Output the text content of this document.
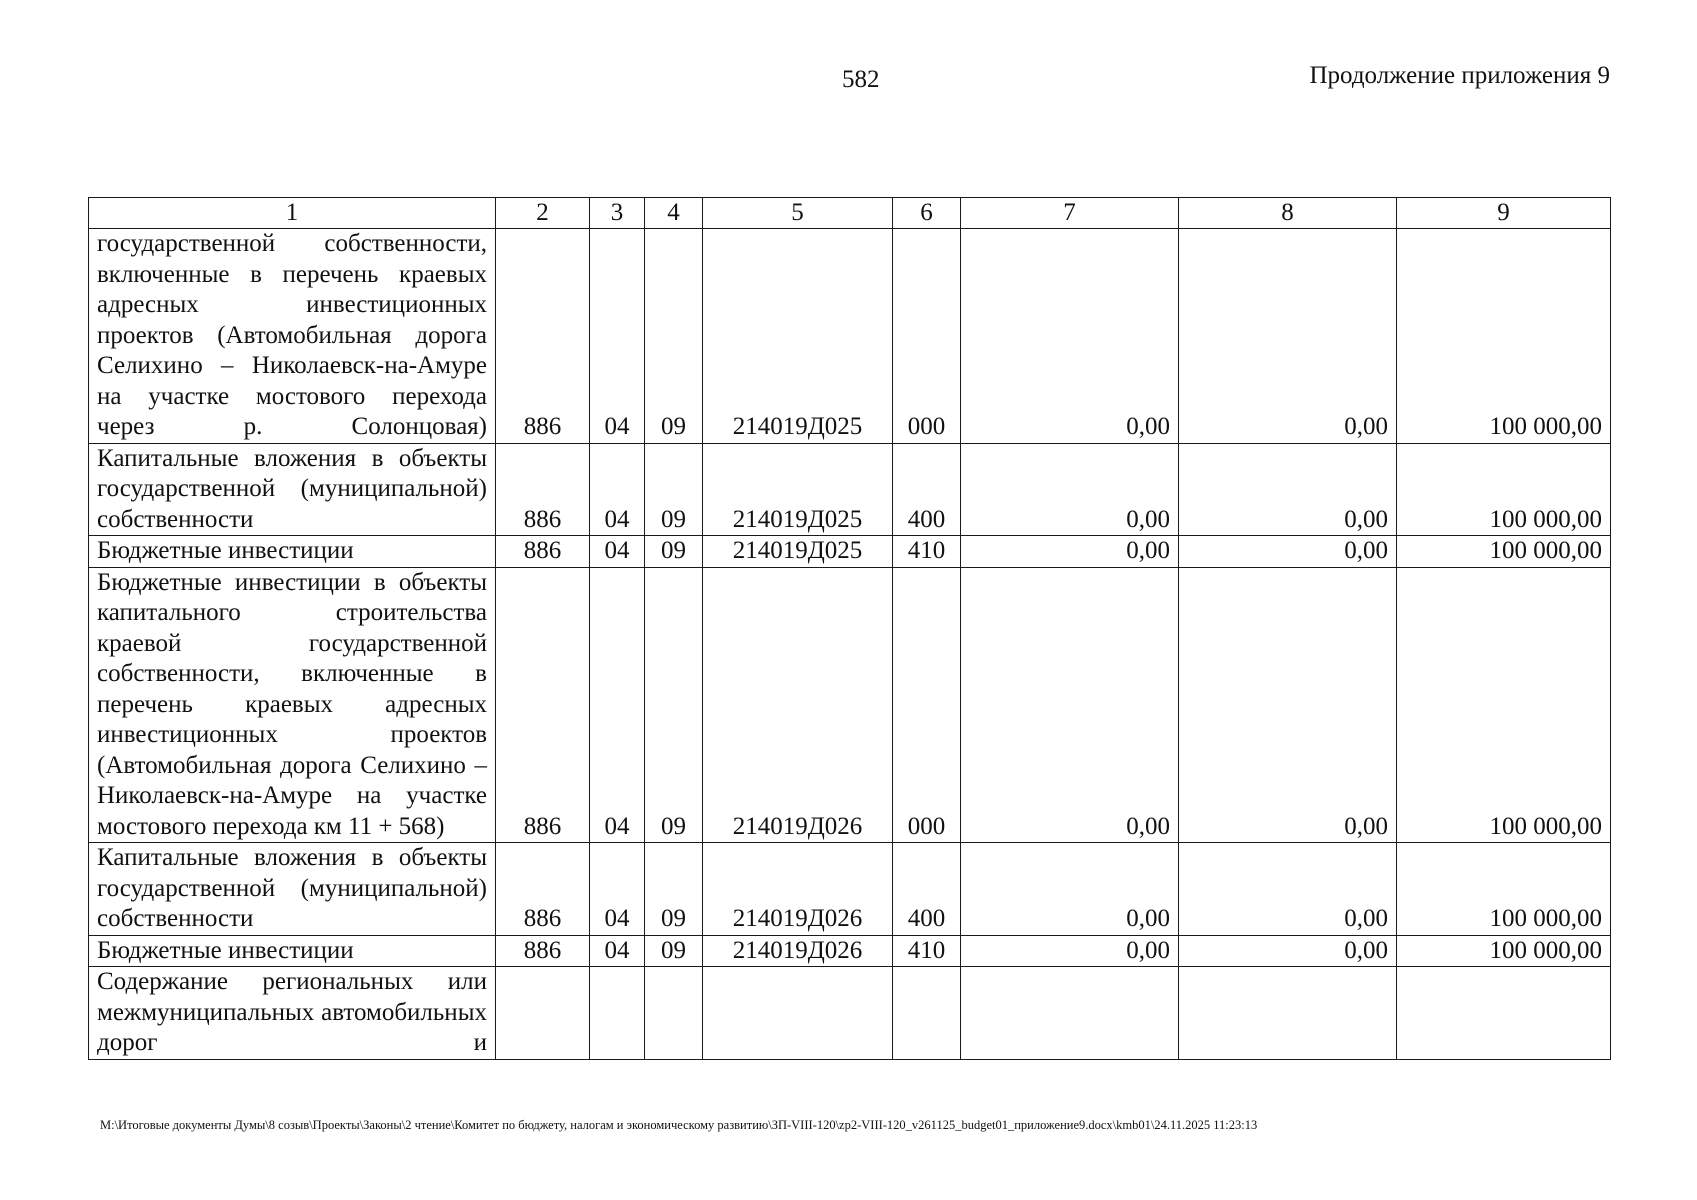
582	Продолжение приложения 9
1	2	3	4	5	6	7	8	9
государственной собственности, включенные в перечень краевых адресных инвестиционных проектов (Автомобильная дорога Селихино – Николаевск-на-Амуре на участке мостового перехода через р. Солонцовая)	886	04	09	214019Д025	000	0,00	0,00	100 000,00
Капитальные вложения в объекты государственной (муниципальной) собственности	886	04	09	214019Д025	400	0,00	0,00	100 000,00
Бюджетные инвестиции	886	04	09	214019Д025	410	0,00	0,00	100 000,00
Бюджетные инвестиции в объекты капитального строительства краевой государственной собственности, включенные в перечень краевых адресных инвестиционных проектов (Автомобильная дорога Селихино – Николаевск-на-Амуре на участке мостового перехода км 11 + 568)	886	04	09	214019Д026	000	0,00	0,00	100 000,00
Капитальные вложения в объекты государственной (муниципальной) собственности	886	04	09	214019Д026	400	0,00	0,00	100 000,00
Бюджетные инвестиции	886	04	09	214019Д026	410	0,00	0,00	100 000,00
Содержание региональных или межмуниципальных автомобильных дорог и								
M:\Итоговые документы Думы\8 созыв\Проекты\Законы\2 чтение\Комитет по бюджету, налогам и экономическому развитию\ЗП-VIII-120\zp2-VIII-120_v261125_budget01_приложение9.docx\kmb01\24.11.2025 11:23:13
